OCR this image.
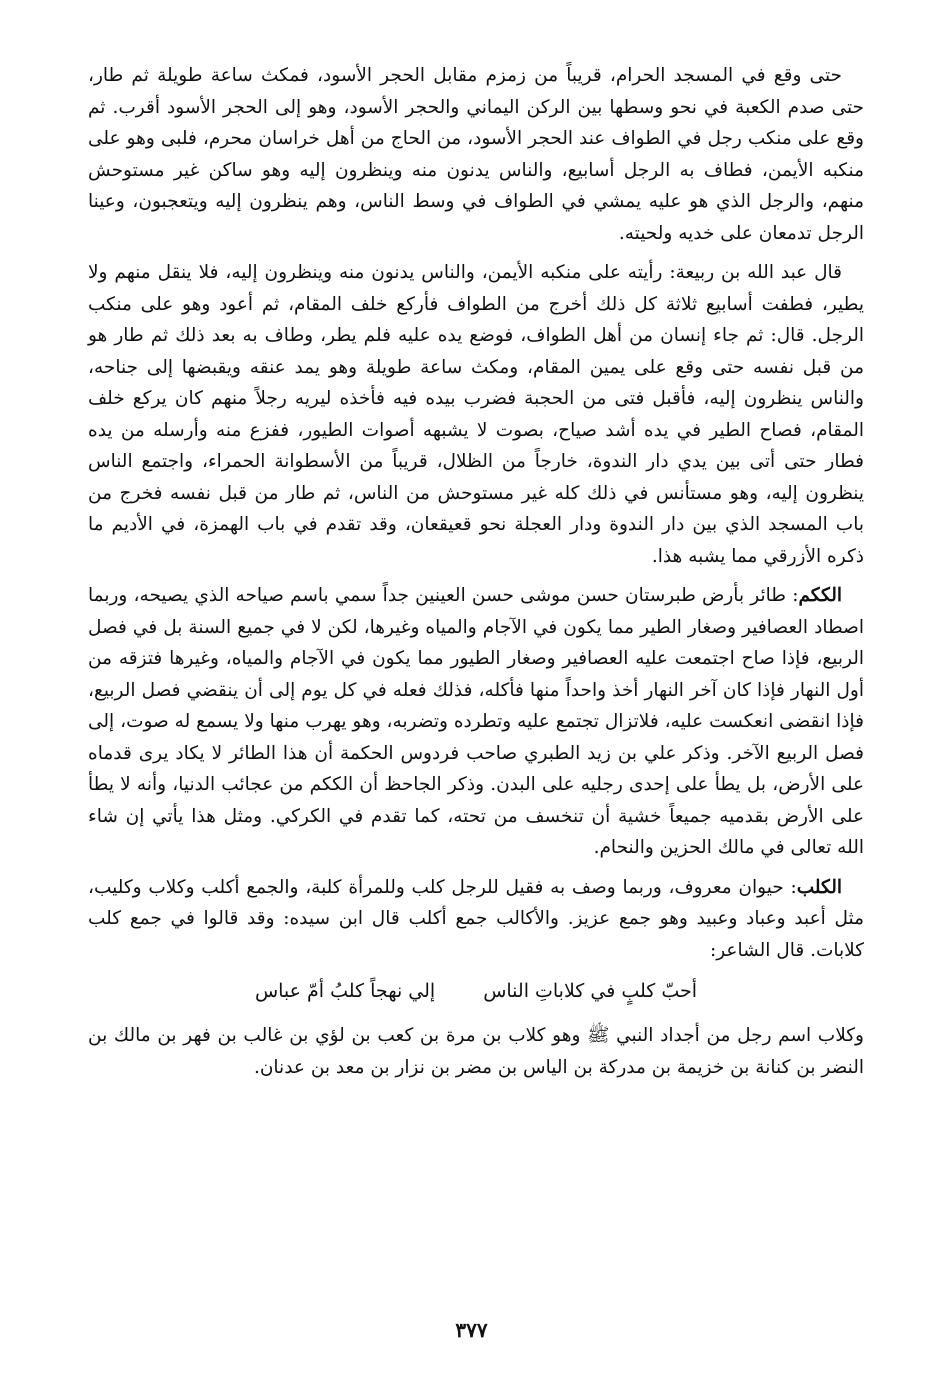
حتى وقع في المسجد الحرام، قريباً من زمزم مقابل الحجر الأسود، فمكث ساعة طويلة ثم طار، حتى صدم الكعبة في نحو وسطها بين الركن اليماني والحجر الأسود، وهو إلى الحجر الأسود أقرب. ثم وقع على منكب رجل في الطواف عند الحجر الأسود، من الحاج من أهل خراسان محرم، فلبى وهو على منكبه الأيمن، فطاف به الرجل أسابيع، والناس يدنون منه وينظرون إليه وهو ساكن غير مستوحش منهم، والرجل الذي هو عليه يمشي في الطواف في وسط الناس، وهم ينظرون إليه ويتعجبون، وعينا الرجل تدمعان على خديه ولحيته.

قال عبد الله بن ربيعة: رأيته على منكبه الأيمن، والناس يدنون منه وينظرون إليه، فلا ينقل منهم ولا يطير، فطفت أسابيع ثلاثة كل ذلك أخرج من الطواف فأركع خلف المقام، ثم أعود وهو على منكب الرجل. قال: ثم جاء إنسان من أهل الطواف، فوضع يده عليه فلم يطر، وطاف به بعد ذلك ثم طار هو من قبل نفسه حتى وقع على يمين المقام، ومكث ساعة طويلة وهو يمد عنقه ويقبضها إلى جناحه، والناس ينظرون إليه، فأقبل فتى من الحجبة فضرب بيده فيه فأخذه ليريه رجلاً منهم كان يركع خلف المقام، فصاح الطير في يده أشد صياح، بصوت لا يشبهه أصوات الطيور، ففزع منه وأرسله من يده فطار حتى أتى بين يدي دار الندوة، خارجاً من الظلال، قريباً من الأسطوانة الحمراء، واجتمع الناس ينظرون إليه، وهو مستأنس في ذلك كله غير مستوحش من الناس، ثم طار من قبل نفسه فخرج من باب المسجد الذي بين دار الندوة ودار العجلة نحو قعيقعان، وقد تقدم في باب الهمزة، في الأديم ما ذكره الأزرقي مما يشبه هذا.

الككم: طائر بأرض طبرستان حسن موشى حسن العينين جداً سمي باسم صياحه الذي يصيحه، وربما اصطاد العصافير وصغار الطير مما يكون في الآجام والمياه وغيرها، لكن لا في جميع السنة بل في فصل الربيع، فإذا صاح اجتمعت عليه العصافير وصغار الطيور مما يكون في الآجام والمياه، وغيرها فتزقه من أول النهار فإذا كان آخر النهار أخذ واحداً منها فأكله، فذلك فعله في كل يوم إلى أن ينقضي فصل الربيع، فإذا انقضى انعكست عليه، فلاتزال تجتمع عليه وتطرده وتضربه، وهو يهرب منها ولا يسمع له صوت، إلى فصل الربيع الآخر. وذكر علي بن زيد الطبري صاحب فردوس الحكمة أن هذا الطائر لا يكاد يرى قدماه على الأرض، بل يطأ على إحدى رجليه على البدن. وذكر الجاحظ أن الككم من عجائب الدنيا، وأنه لا يطأ على الأرض بقدميه جميعاً خشية أن تنخسف من تحته، كما تقدم في الكركي. ومثل هذا يأتي إن شاء الله تعالى في مالك الحزين والنحام.

الكلب: حيوان معروف، وربما وصف به فقيل للرجل كلب وللمرأة كلبة، والجمع أكلب وكلاب وكليب، مثل أعبد وعباد وعبيد وهو جمع عزيز. والأكالب جمع أكلب قال ابن سيده: وقد قالوا في جمع كلب كلابات. قال الشاعر:

أحبّ كلبٍ في كلاباتِ الناس
إلي نهجاً كلبُ أمّ عباس

وكلاب اسم رجل من أجداد النبي ﷺ وهو كلاب بن مرة بن كعب بن لؤي بن غالب بن فهر بن مالك بن النضر بن كنانة بن خزيمة بن مدركة بن الياس بن مضر بن نزار بن معد بن عدنان.

٣٧٧
